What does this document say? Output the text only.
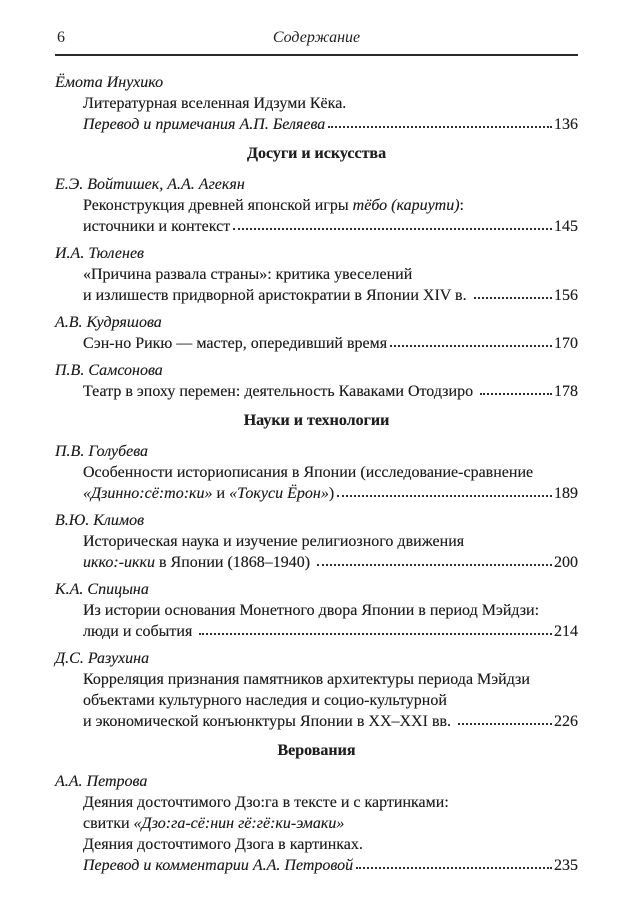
6	Содержание
Ёмота Инухико
Литературная вселенная Идзуми Кёка.
Перевод и примечания А.П. Беляева	136
Досуги и искусства
Е.Э. Войтишек, А.А. Агекян
Реконструкция древней японской игры тёбо (кариути):
источники и контекст	145
И.А. Тюленев
«Причина развала страны»: критика увеселений
и излишеств придворной аристократии в Японии XIV в.	156
А.В. Кудряшова
Сэн-но Рикю — мастер, опередивший время	170
П.В. Самсонова
Театр в эпоху перемен: деятельность Каваками Отодзиро	178
Науки и технологии
П.В. Голубева
Особенности историописания в Японии (исследование-сравнение
«Дзинно:сё:то:ки» и «Токуси Ёрон»)	189
В.Ю. Климов
Историческая наука и изучение религиозного движения
икко:-икки в Японии (1868–1940)	200
К.А. Спицына
Из истории основания Монетного двора Японии в период Мэйдзи:
люди и события	214
Д.С. Разухина
Корреляция признания памятников архитектуры периода Мэйдзи
объектами культурного наследия и социо-культурной
и экономической конъюнктуры Японии в XX–XXI вв.	226
Верования
А.А. Петрова
Деяния досточтимого Дзо:га в тексте и с картинками:
свитки «Дзо:га-сё:нин гё:гё:ки-эмаки»
Деяния досточтимого Дзога в картинках.
Перевод и комментарии А.А. Петровой	235
